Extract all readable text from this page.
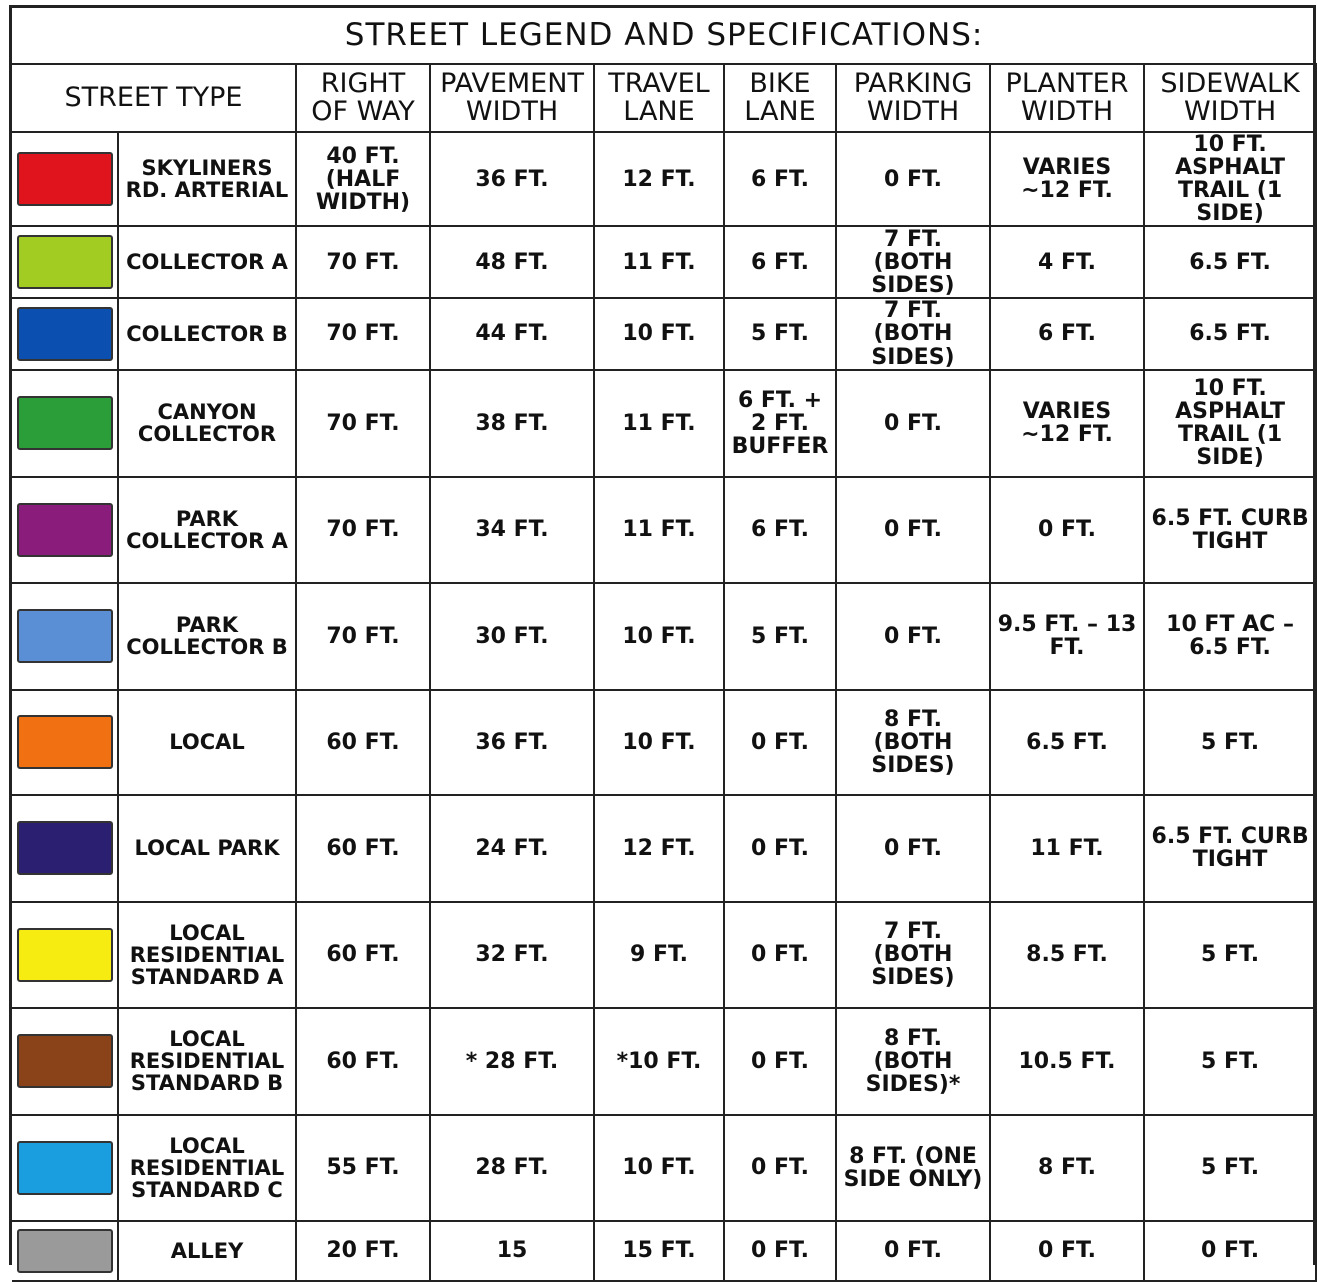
STREET LEGEND AND SPECIFICATIONS:								
STREET TYPE		RIGHT OF WAY	PAVEMENT WIDTH	TRAVEL LANE	BIKE LANE	PARKING WIDTH	PLANTER WIDTH	SIDEWALK WIDTH

	SKYLINERS RD. ARTERIAL	40 FT. (HALF WIDTH)	36 FT.	12 FT.	6 FT.	0 FT.	VARIES ~12 FT.	10 FT. ASPHALT TRAIL (1 SIDE)

	COLLECTOR A	70 FT.	48 FT.	11 FT.	6 FT.	7 FT. (BOTH SIDES)	4 FT.	6.5 FT.

	COLLECTOR B	70 FT.	44 FT.	10 FT.	5 FT.	7 FT. (BOTH SIDES)	6 FT.	6.5 FT.

	CANYON COLLECTOR	70 FT.	38 FT.	11 FT.	6 FT. + 2 FT. BUFFER	0 FT.	VARIES ~12 FT.	10 FT. ASPHALT TRAIL (1 SIDE)

	PARK COLLECTOR A	70 FT.	34 FT.	11 FT.	6 FT.	0 FT.	0 FT.	6.5 FT. CURB TIGHT

	PARK COLLECTOR B	70 FT.	30 FT.	10 FT.	5 FT.	0 FT.	9.5 FT. – 13 FT.	10 FT AC – 6.5 FT.

	LOCAL	60 FT.	36 FT.	10 FT.	0 FT.	8 FT. (BOTH SIDES)	6.5 FT.	5 FT.

	LOCAL PARK	60 FT.	24 FT.	12 FT.	0 FT.	0 FT.	11 FT.	6.5 FT. CURB TIGHT

	LOCAL RESIDENTIAL STANDARD A	60 FT.	32 FT.	9 FT.	0 FT.	7 FT. (BOTH SIDES)	8.5 FT.	5 FT.

	LOCAL RESIDENTIAL STANDARD B	60 FT.	* 28 FT.	*10 FT.	0 FT.	8 FT. (BOTH SIDES)*	10.5 FT.	5 FT.

	LOCAL RESIDENTIAL STANDARD C	55 FT.	28 FT.	10 FT.	0 FT.	8 FT. (ONE SIDE ONLY)	8 FT.	5 FT.

	ALLEY	20 FT.	15	15 FT.	0 FT.	0 FT.	0 FT.	0 FT.
